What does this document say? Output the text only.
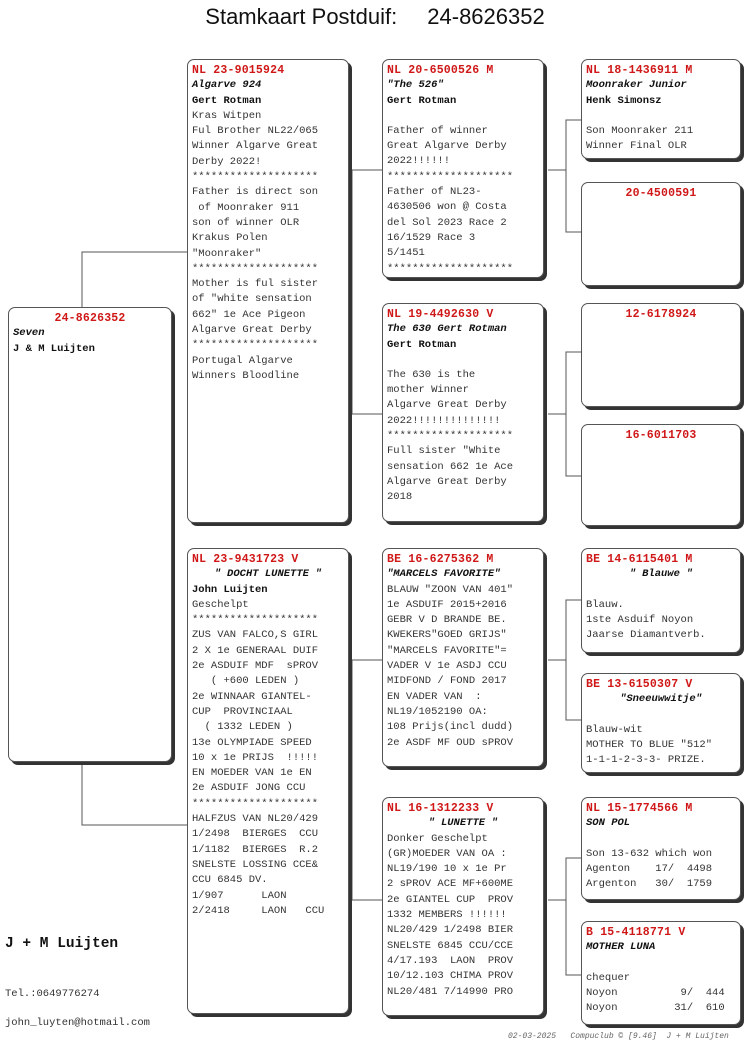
Stamkaart Postduif: 24-8626352
24-8626352
Seven
J & M Luijten
NL 23-9015924
Algarve 924
Gert Rotman
Kras Witpen
Ful Brother NL22/065
Winner Algarve Great
Derby 2022!
********************
Father is direct son
of Moonraker 911
son of winner OLR
Krakus Polen
"Moonraker"
********************
Mother is ful sister
of "white sensation
662" 1e Ace Pigeon
Algarve Great Derby
********************
Portugal Algarve
Winners Bloodline
NL 23-9431723 V
" DOCHT LUNETTE "
John Luijten
Geschelpt
********************
ZUS VAN FALCO,S GIRL
2 X 1e GENERAAL DUIF
2e ASDUIF MDF  sPROV
( +600 LEDEN )
2e WINNAAR GIANTEL-
CUP  PROVINCIAAL
( 1332 LEDEN )
13e OLYMPIADE SPEED
10 x 1e PRIJS  !!!!!
EN MOEDER VAN 1e EN
2e ASDUIF JONG CCU
********************
HALFZUS VAN NL20/429
1/2498  BIERGES  CCU
1/1182  BIERGES  R.2
SNELSTE LOSSING CCE&
CCU 6845 DV.
1/907      LAON
2/2418     LAON   CCU
NL 20-6500526 M
"The 526"
Gert Rotman
Father of winner
Great Algarve Derby
2022!!!!!!
********************
Father of NL23-
4630506 won @ Costa
del Sol 2023 Race 2
16/1529 Race 3
5/1451
********************
NL 19-4492630 V
The 630 Gert Rotman
Gert Rotman
The 630 is the
mother Winner
Algarve Great Derby
2022!!!!!!!!!!!!!!
********************
Full sister "White
sensation 662 1e Ace
Algarve Great Derby
2018
BE 16-6275362 M
"MARCELS FAVORITE"
BLAUW "ZOON VAN 401"
1e ASDUIF 2015+2016
GEBR V D BRANDE BE.
KWEKERS"GOED GRIJS"
"MARCELS FAVORITE"=
VADER V 1e ASDJ CCU
MIDFOND / FOND 2017
EN VADER VAN  :
NL19/1052190 OA:
108 Prijs(incl dudd)
2e ASDF MF OUD sPROV
NL 16-1312233 V
" LUNETTE "
Donker Geschelpt
(GR)MOEDER VAN OA :
NL19/190 10 x 1e Pr
2 sPROV ACE MF+600ME
2e GIANTEL CUP  PROV
1332 MEMBERS !!!!!!
NL20/429 1/2498 BIER
SNELSTE 6845 CCU/CCE
4/17.193  LAON  PROV
10/12.103 CHIMA PROV
NL20/481 7/14990 PRO
NL 18-1436911 M
Moonraker Junior
Henk Simonsz
Son Moonraker 211
Winner Final OLR
20-4500591
12-6178924
16-6011703
BE 14-6115401 M
" Blauwe "
Blauw.
1ste Asduif Noyon
Jaarse Diamantverb.
BE 13-6150307 V
"Sneeuwwitje"
Blauw-wit
MOTHER TO BLUE "512"
1-1-1-2-3-3- PRIZE.
NL 15-1774566 M
SON POL
Son 13-632 which won
Agenton    17/  4498
Argenton   30/  1759
B 15-4118771 V
MOTHER LUNA
chequer
Noyon          9/  444
Noyon         31/  610
J + M Luijten
Tel.:0649776274
john_luyten@hotmail.com
02-03-2025   Compuclub © [9.46]  J + M Luijten
